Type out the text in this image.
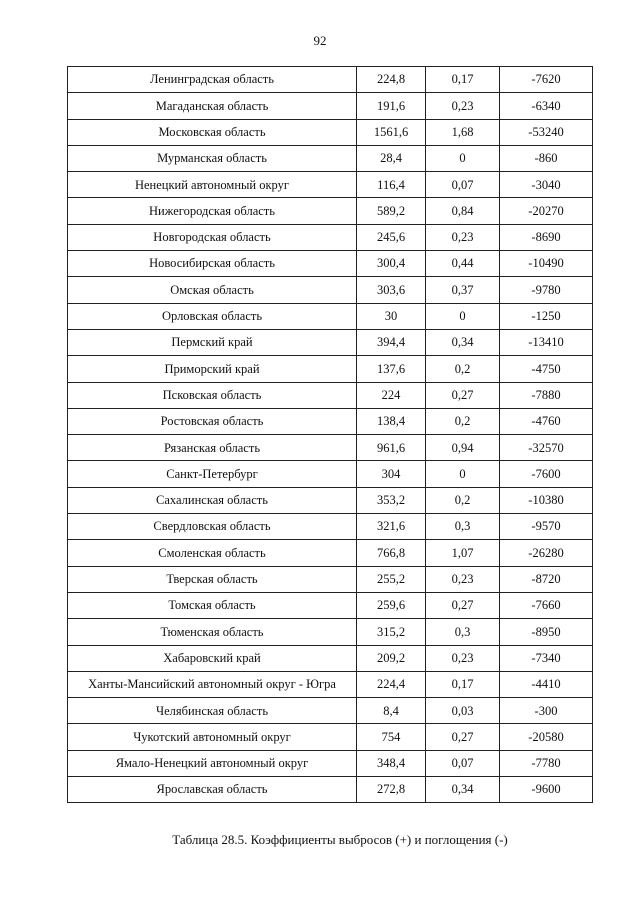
92
Ленинградская область	224,8	0,17	-7620
Магаданская область	191,6	0,23	-6340
Московская область	1561,6	1,68	-53240
Мурманская область	28,4	0	-860
Ненецкий автономный округ	116,4	0,07	-3040
Нижегородская область	589,2	0,84	-20270
Новгородская область	245,6	0,23	-8690
Новосибирская область	300,4	0,44	-10490
Омская область	303,6	0,37	-9780
Орловская область	30	0	-1250
Пермский край	394,4	0,34	-13410
Приморский край	137,6	0,2	-4750
Псковская область	224	0,27	-7880
Ростовская область	138,4	0,2	-4760
Рязанская область	961,6	0,94	-32570
Санкт-Петербург	304	0	-7600
Сахалинская область	353,2	0,2	-10380
Свердловская область	321,6	0,3	-9570
Смоленская область	766,8	1,07	-26280
Тверская область	255,2	0,23	-8720
Томская область	259,6	0,27	-7660
Тюменская область	315,2	0,3	-8950
Хабаровский край	209,2	0,23	-7340
Ханты-Мансийский автономный округ - Югра	224,4	0,17	-4410
Челябинская область	8,4	0,03	-300
Чукотский автономный округ	754	0,27	-20580
Ямало-Ненецкий автономный округ	348,4	0,07	-7780
Ярославская область	272,8	0,34	-9600
Таблица 28.5. Коэффициенты выбросов (+) и поглощения (-)
